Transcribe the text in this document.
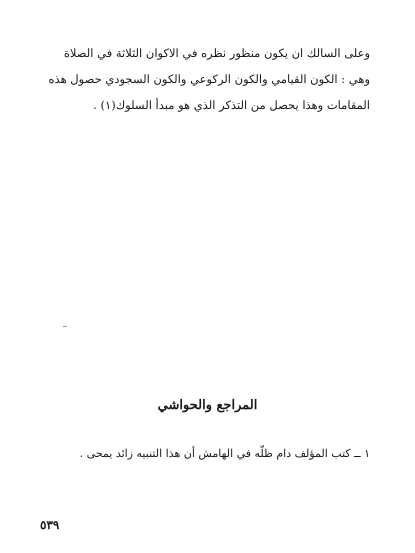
وعلى السالك ان يكون منظور نظره في الاكوان الثلاثة في الصلاة

وهي : الكون القيامي والكون الركوعي والكون السجودي حصول هذه

المقامات وهذا يحصل من التذكر الذي هو مبدأ السلوك(١) .

المراجع والحواشي
١ ــ كتب المؤلف دام ظلّه في الهامش أن هذا التنبيه زائد يمحى .
٥٣٩
